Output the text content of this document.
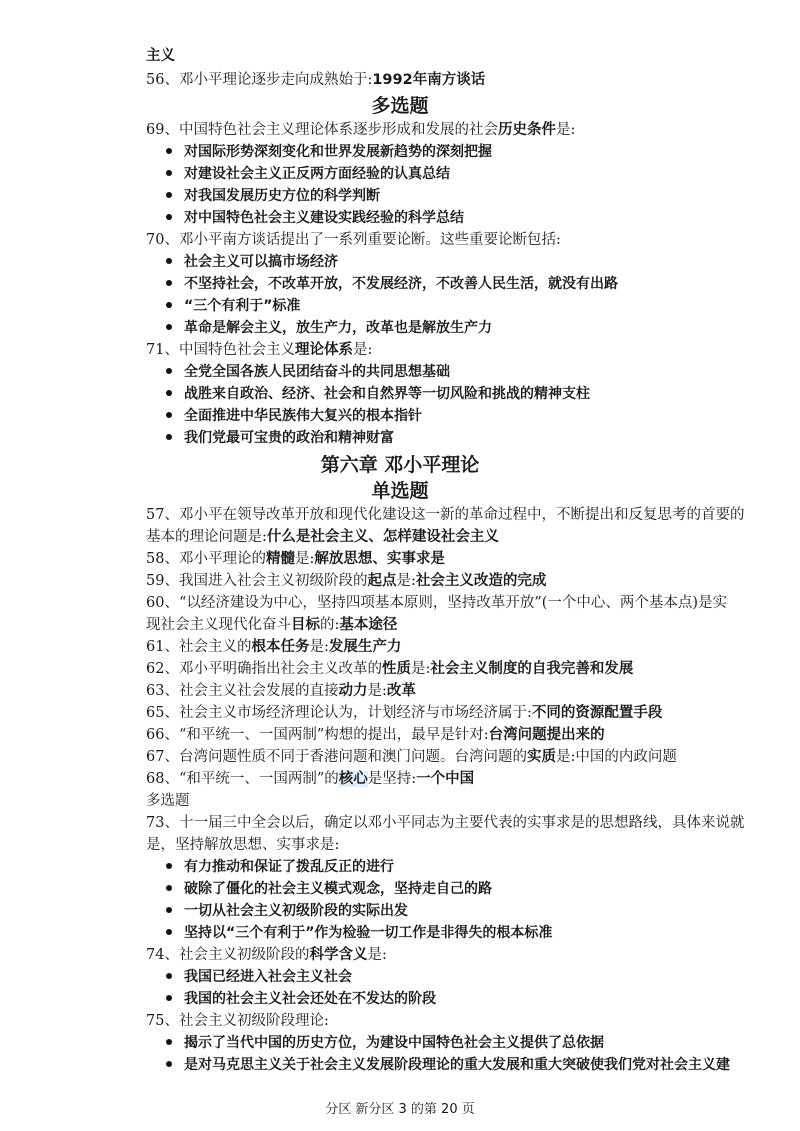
主义
56、邓小平理论逐步走向成熟始于:1992年南方谈话
多选题
69、中国特色社会主义理论体系逐步形成和发展的社会历史条件是:
对国际形势深刻变化和世界发展新趋势的深刻把握
对建设社会主义正反两方面经验的认真总结
对我国发展历史方位的科学判断
对中国特色社会主义建设实践经验的科学总结
70、邓小平南方谈话提出了一系列重要论断。这些重要论断包括:
社会主义可以搞市场经济
不坚持社会，不改革开放，不发展经济，不改善人民生活，就没有出路
“三个有利于”标准
革命是解会主义，放生产力，改革也是解放生产力
71、中国特色社会主义理论体系是:
全党全国各族人民团结奋斗的共同思想基础
战胜来自政治、经济、社会和自然界等一切风险和挑战的精神支柱
全面推进中华民族伟大复兴的根本指针
我们党最可宝贵的政治和精神财富
第六章 邓小平理论
单选题
57、邓小平在领导改革开放和现代化建设这一新的革命过程中，不断提出和反复思考的首要的
基本的理论问题是:什么是社会主义、怎样建设社会主义
58、邓小平理论的精髓是:解放思想、实事求是
59、我国进入社会主义初级阶段的起点是:社会主义改造的完成
60、“以经济建设为中心，坚持四项基本原则，坚持改革开放”(一个中心、两个基本点)是实
现社会主义现代化奋斗目标的:基本途径
61、社会主义的根本任务是:发展生产力
62、邓小平明确指出社会主义改革的性质是:社会主义制度的自我完善和发展
63、社会主义社会发展的直接动力是:改革
65、社会主义市场经济理论认为，计划经济与市场经济属于:不同的资源配置手段
66、“和平统一、一国两制”构想的提出，最早是针对:台湾问题提出来的
67、台湾问题性质不同于香港问题和澳门问题。台湾问题的实质是:中国的内政问题
68、“和平统一、一国两制”的核心是坚持:一个中国
多选题
73、十一届三中全会以后，确定以邓小平同志为主要代表的实事求是的思想路线，具体来说就
是，坚持解放思想、实事求是:
有力推动和保证了拨乱反正的进行
破除了僵化的社会主义模式观念，坚持走自己的路
一切从社会主义初级阶段的实际出发
坚持以“三个有利于”作为检验一切工作是非得失的根本标准
74、社会主义初级阶段的科学含义是:
我国已经进入社会主义社会
我国的社会主义社会还处在不发达的阶段
75、社会主义初级阶段理论:
揭示了当代中国的历史方位，为建设中国特色社会主义提供了总依据
是对马克思主义关于社会主义发展阶段理论的重大发展和重大突破使我们党对社会主义建
分区 新分区 3 的第 20 页
